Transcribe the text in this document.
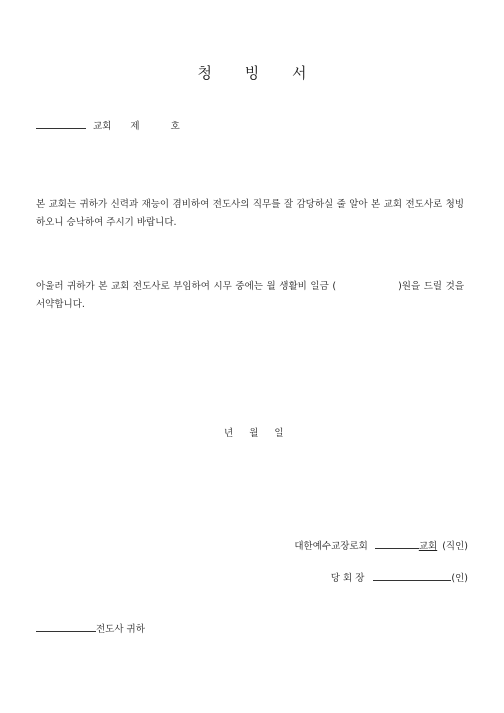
청 빙 서
교회 제	호
본 교회는 귀하가 신력과 재능이 겸비하여 전도사의 직무를 잘 감당하실 줄 알아 본 교회 전도사로 청빙하오니 승낙하여 주시기 바랍니다.
아울러 귀하가 본 교회 전도사로 부임하여 시무 중에는 월 생활비 일금 (	)원을 드릴 것을 서약합니다.
년 월 일
대한예수교장로회	교회 (직인)
당 회 장	(인)
전도사 귀하
